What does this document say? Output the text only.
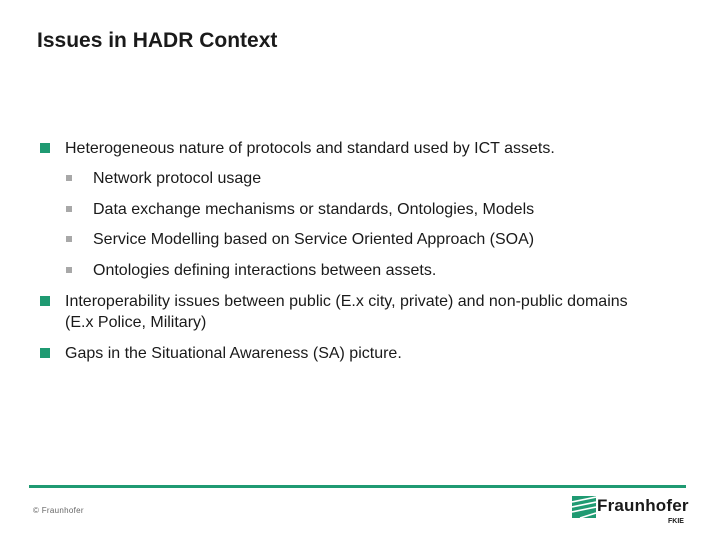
Issues in HADR Context
Heterogeneous nature of protocols and standard used by ICT assets.
Network protocol usage
Data exchange mechanisms or standards, Ontologies, Models
Service Modelling based on Service Oriented Approach (SOA)
Ontologies defining interactions between assets.
Interoperability issues between public (E.x city, private) and non-public domains (E.x Police, Military)
Gaps in the Situational Awareness (SA) picture.
© Fraunhofer	Fraunhofer
FKIE
